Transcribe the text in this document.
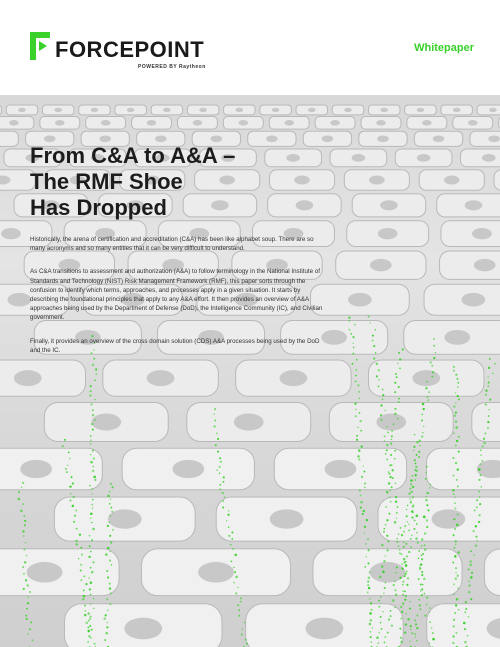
FORCEPOINT
POWERED BY Raytheon
Whitepaper
From C&A to A&A –
The RMF Shoe
Has Dropped

Historically, the arena of certification and accreditation (C&A) has been like alphabet soup. There are so many acronyms and so many entities that it can be very difficult to understand.

As C&A transitions to assessment and authorization (A&A) to follow terminology in the National Institute of Standards and Technology (NIST) Risk Management Framework (RMF), this paper sorts through the confusion to identify which terms, approaches, and processes apply in a given situation. It starts by describing the foundational principles that apply to any A&A effort. It then provides an overview of A&A approaches being used by the Department of Defense (DoD), the Intelligence Community (IC), and Civilian government.

Finally, it provides an overview of the cross domain solution (CDS) A&A processes being used by the DoD and the IC.
